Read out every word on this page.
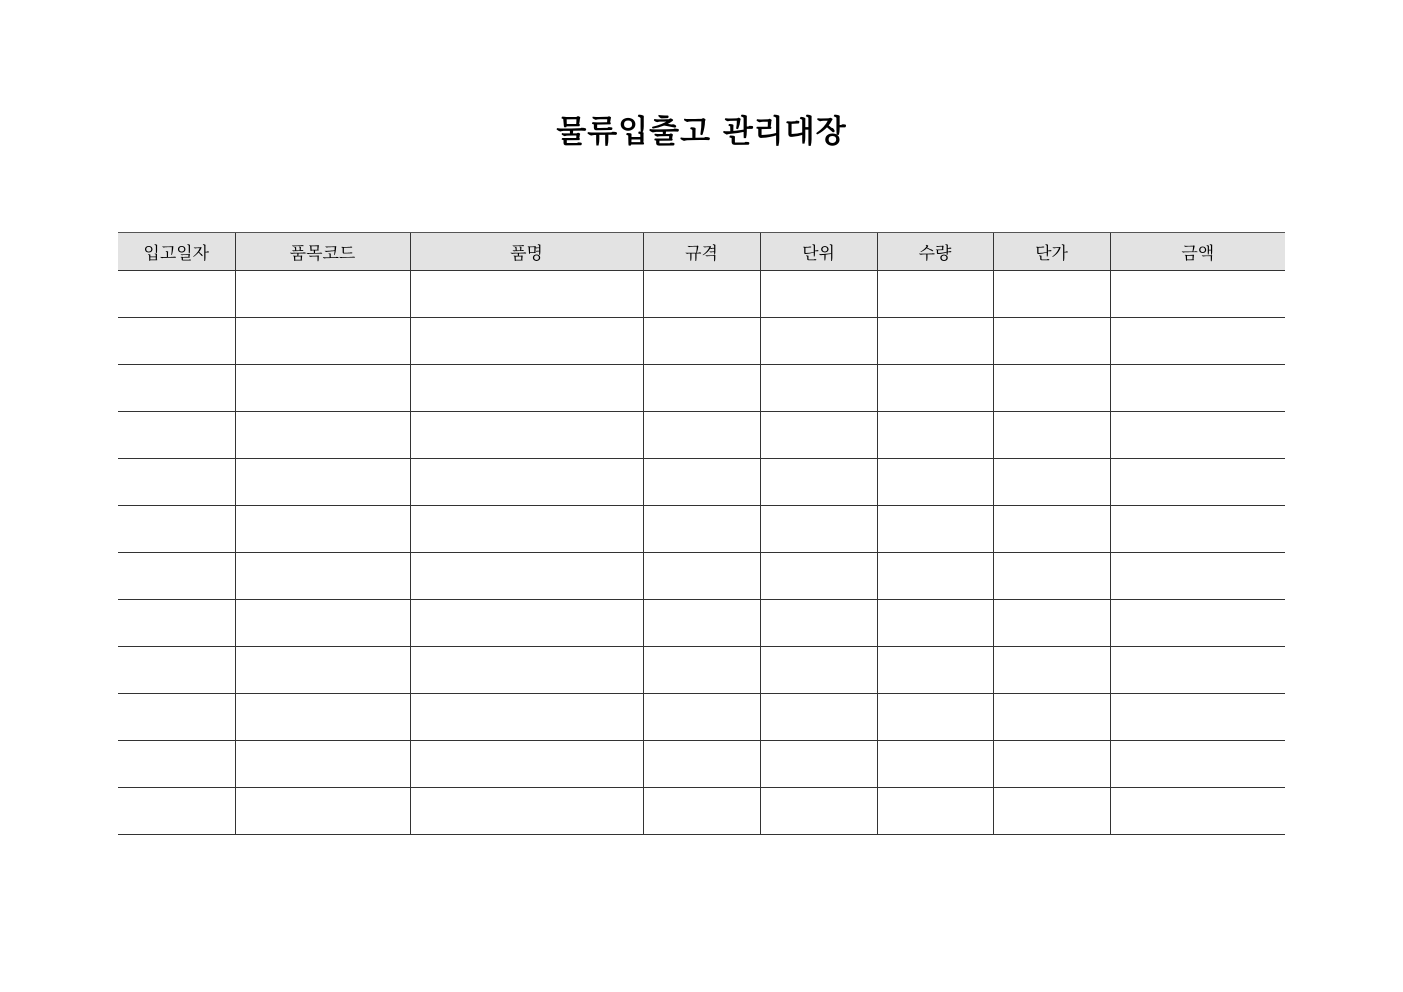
물류입출고 관리대장
입고일자	품목코드	품명	규격	단위	수량	단가	금액
